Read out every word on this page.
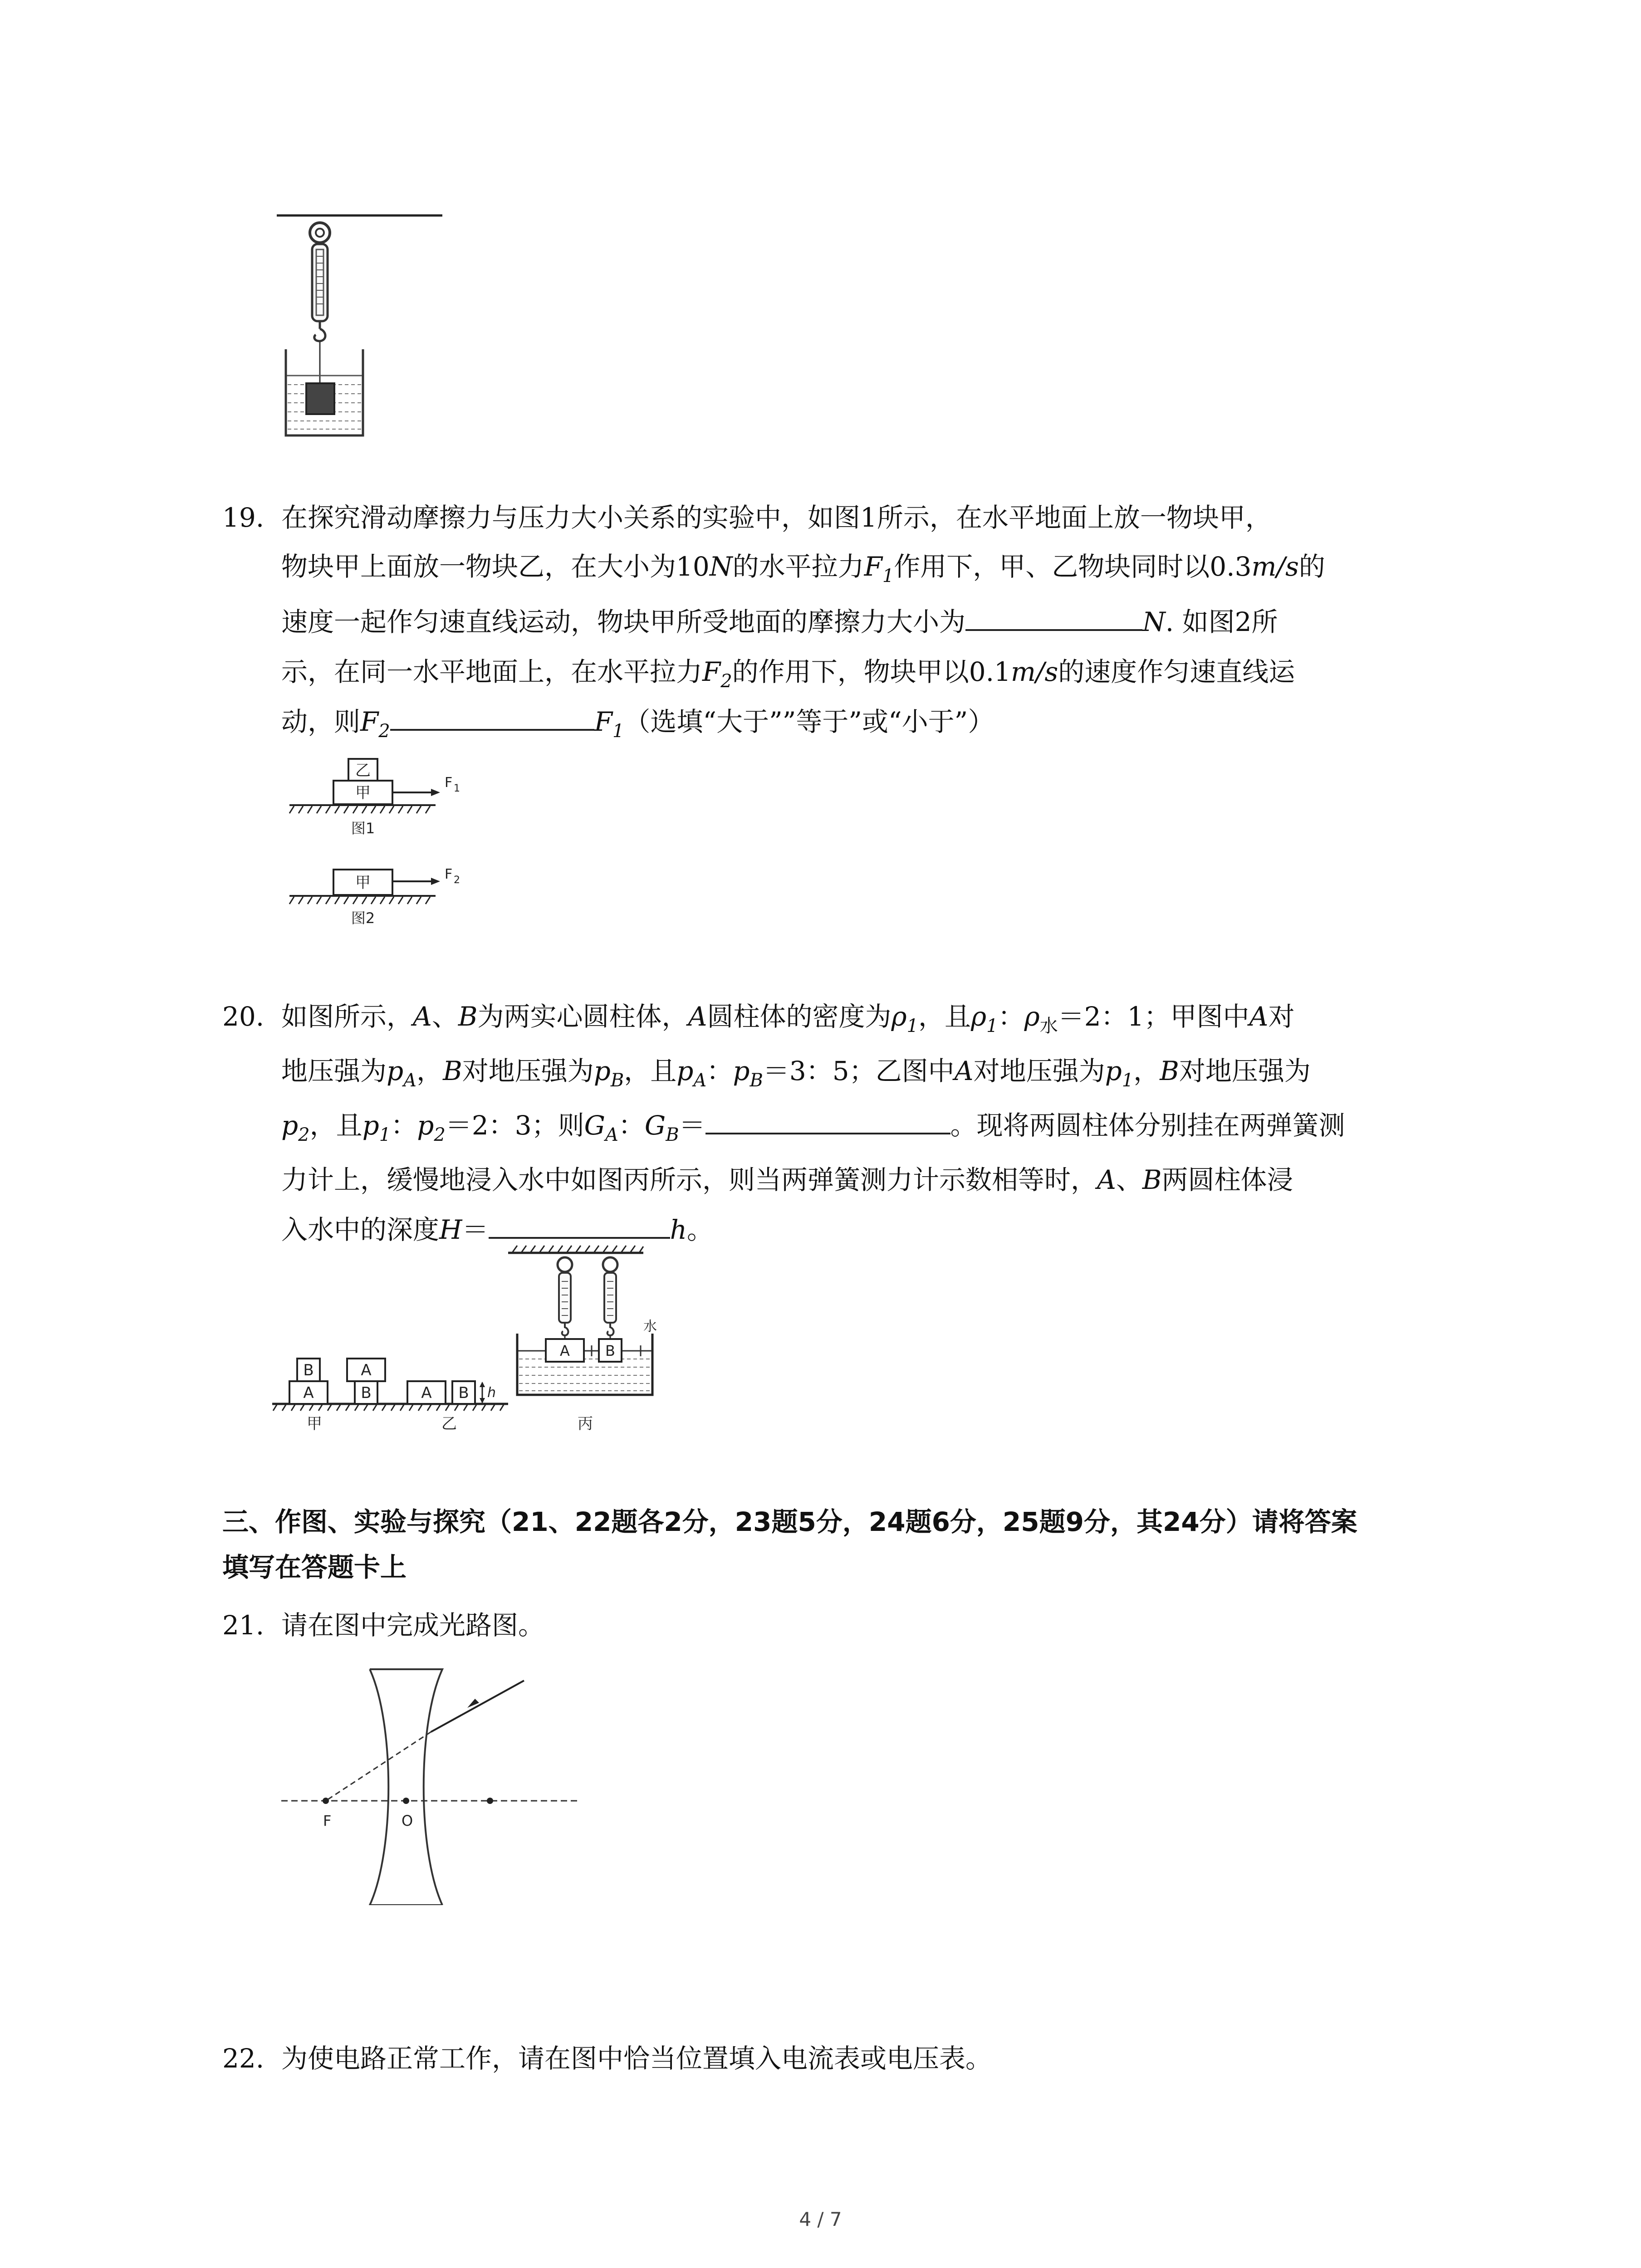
19. 在探究滑动摩擦力与压力大小关系的实验中，如图1所示，在水平地面上放一物块甲，
物块甲上面放一物块乙，在大小为10N的水平拉力$F_1$作用下，甲、乙物块同时以0.3m/s的
速度一起作匀速直线运动，物块甲所受地面的摩擦力大小为	N. 如图2所
示，在同一水平地面上，在水平拉力$F_2$的作用下，物块甲以0.1m/s的速度作匀速直线运
动，则$F_2$	$F_1$（选填“大于””等于”或“小于”）
乙
甲
F 1
图1
甲	F 2
图2
20. 如图所示，A、B为两实心圆柱体，A圆柱体的密度为$\rho_1$，且$\rho_1$：$\rho_水=2$：1；甲图中A对
地压强为$p_A$，B对地压强为$p_B$，且$p_A$：$p_B=3$：5；乙图中A对地压强为$p_1$，B对地压强为
$p_2$，且$p_1$：$p_2=2$：3；则$G_A$：$G_B=$	。现将两圆柱体分别挂在两弹簧测
力计上，缓慢地浸入水中如图丙所示，则当两弹簧测力计示数相等时，A、B两圆柱体浸
入水中的深度H＝	h。
B
A
A
B
甲
A B h
乙
A B
水
丙
三、作图、实验与探究（21、22题各2分，23题5分，24题6分，25题9分，其24分）请将答案
填写在答题卡上
21. 请在图中完成光路图。
F	O
22. 为使电路正常工作，请在图中恰当位置填入电流表或电压表。
4 / 7
